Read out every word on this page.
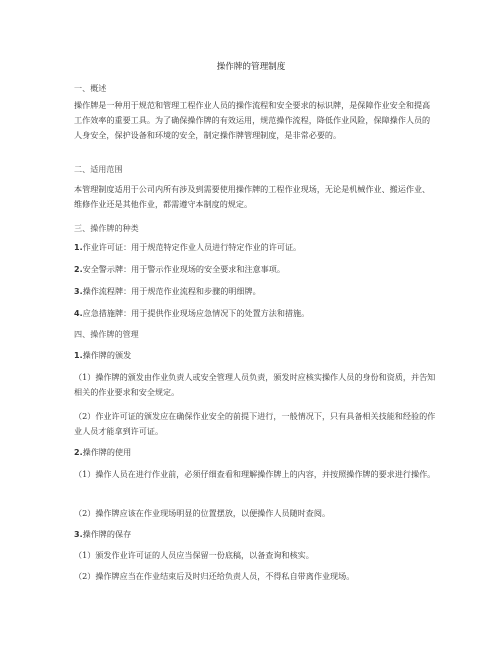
操作牌的管理制度

一、概述

操作牌是一种用于规范和管理工程作业人员的操作流程和安全要求的标识牌，是保障作业安全和提高工作效率的重要工具。为了确保操作牌的有效运用，规范操作流程，降低作业风险，保障操作人员的人身安全，保护设备和环境的安全，制定操作牌管理制度，是非常必要的。

二、适用范围

本管理制度适用于公司内所有涉及到需要使用操作牌的工程作业现场，无论是机械作业、搬运作业、维修作业还是其他作业，都需遵守本制度的规定。

三、操作牌的种类

1.作业许可证：用于规范特定作业人员进行特定作业的许可证。

2.安全警示牌：用于警示作业现场的安全要求和注意事项。

3.操作流程牌：用于规范作业流程和步骤的明细牌。

4.应急措施牌：用于提供作业现场应急情况下的处置方法和措施。

四、操作牌的管理

1.操作牌的颁发

（1）操作牌的颁发由作业负责人或安全管理人员负责，颁发时应核实操作人员的身份和资质，并告知相关的作业要求和安全规定。

（2）作业许可证的颁发应在确保作业安全的前提下进行，一般情况下，只有具备相关技能和经验的作业人员才能拿到许可证。

2.操作牌的使用

（1）操作人员在进行作业前，必须仔细查看和理解操作牌上的内容，并按照操作牌的要求进行操作。

（2）操作牌应该在作业现场明显的位置摆放，以便操作人员随时查阅。

3.操作牌的保存

（1）颁发作业许可证的人员应当保留一份底稿，以备查询和核实。

（2）操作牌应当在作业结束后及时归还给负责人员，不得私自带离作业现场。
